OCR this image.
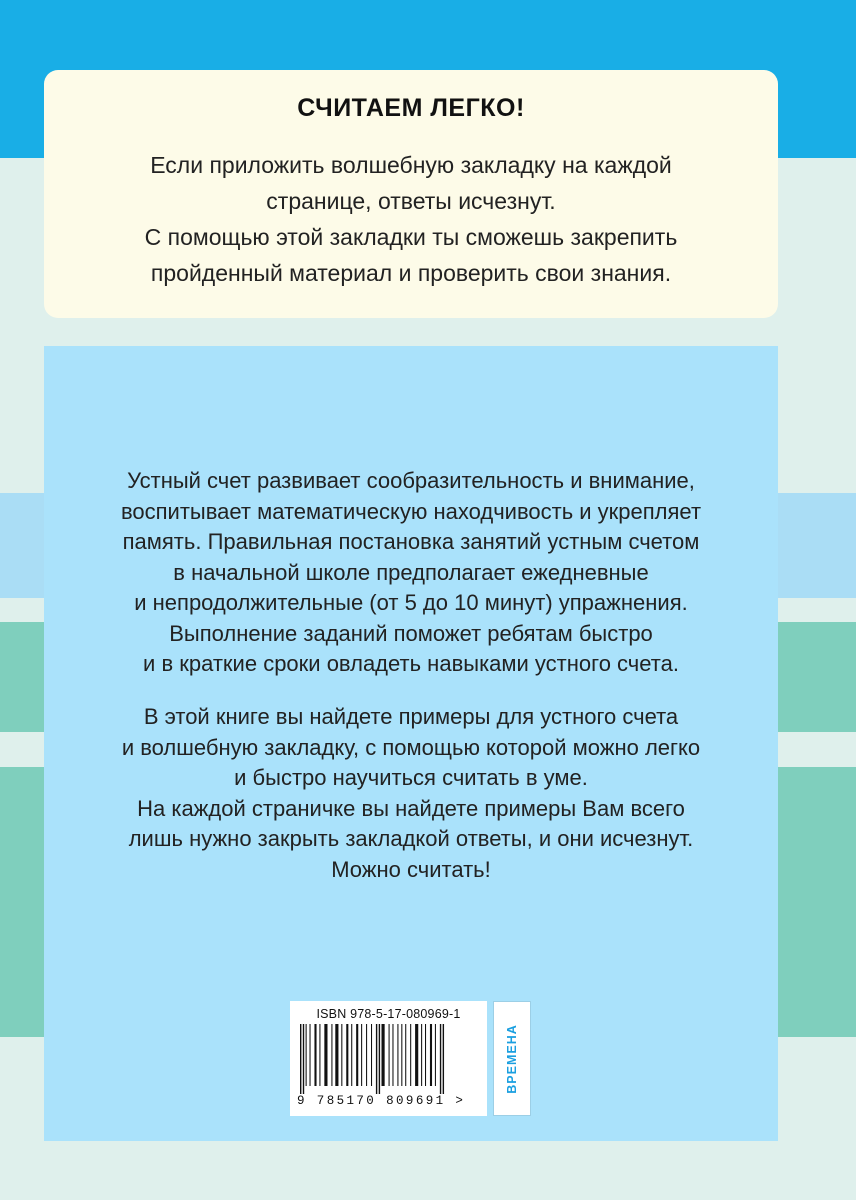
СЧИТАЕМ ЛЕГКО!
Если приложить волшебную закладку на каждой
странице, ответы исчезнут.
С помощью этой закладки ты сможешь закрепить
пройденный материал и проверить свои знания.
Устный счет развивает сообразительность и внимание,
воспитывает математическую находчивость и укрепляет
память. Правильная постановка занятий устным счетом
в начальной школе предполагает ежедневные
и непродолжительные (от 5 до 10 минут) упражнения.
Выполнение заданий поможет ребятам быстро
и в краткие сроки овладеть навыками устного счета.
В этой книге вы найдете примеры для устного счета
и волшебную закладку, с помощью которой можно легко
и быстро научиться считать в уме.
На каждой страничке вы найдете примеры Вам всего
лишь нужно закрыть закладкой ответы, и они исчезнут.
Можно считать!
ISBN 978-5-17-080969-1
9 785170 809691 >
ВРЕМЕНА
